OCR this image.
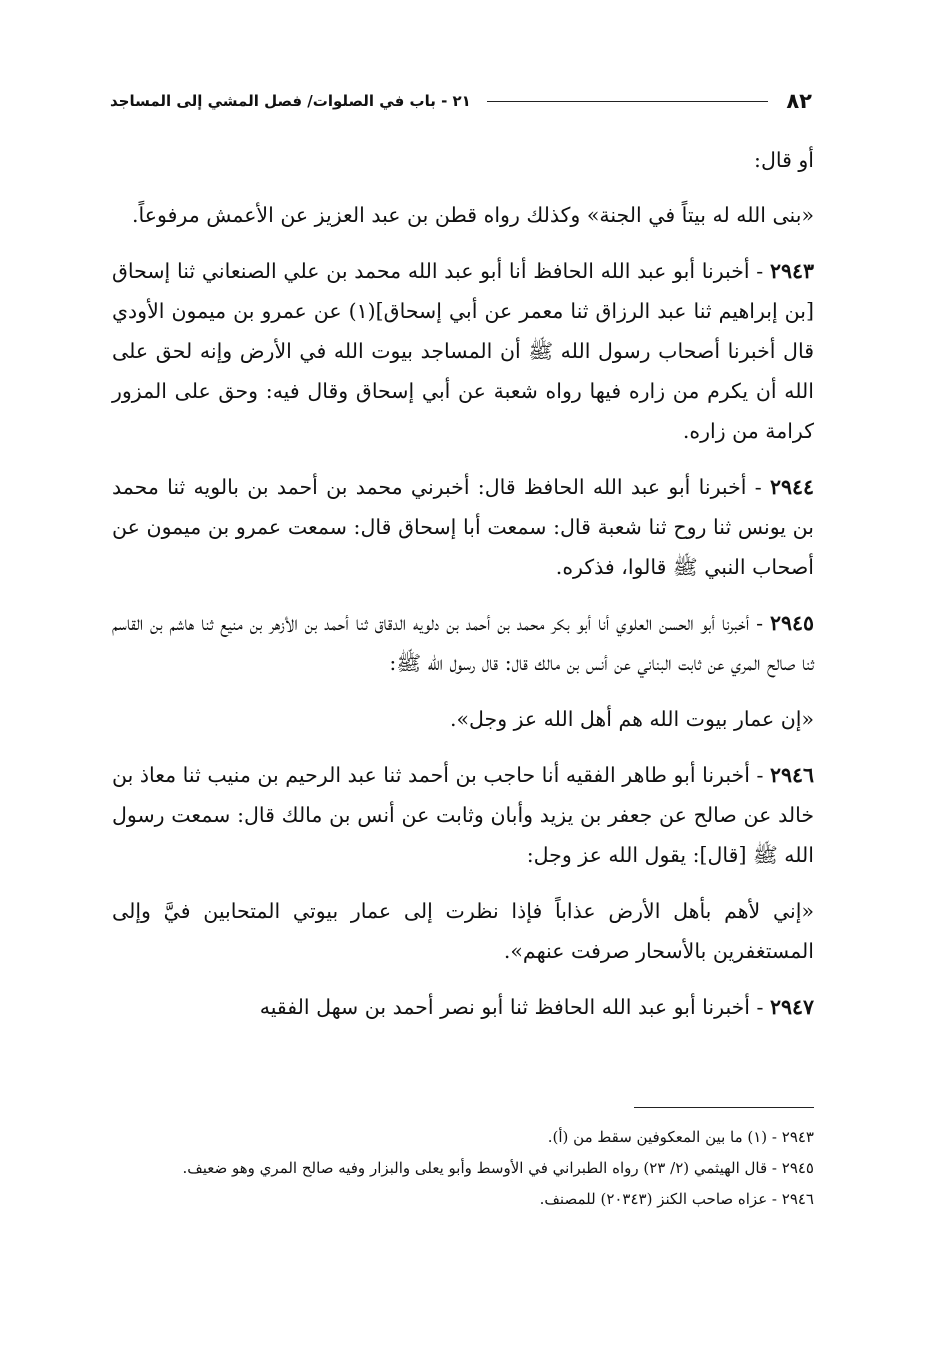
٨٢
٢١ - باب في الصلوات/ فصل المشي إلى المساجد

أو قال:

«بنى الله له بيتاً في الجنة» وكذلك رواه قطن بن عبد العزيز عن الأعمش مرفوعاً.

٢٩٤٣ - أخبرنا أبو عبد الله الحافظ أنا أبو عبد الله محمد بن علي الصنعاني ثنا إسحاق [بن إبراهيم ثنا عبد الرزاق ثنا معمر عن أبي إسحاق](١) عن عمرو بن ميمون الأودي قال أخبرنا أصحاب رسول الله ﷺ أن المساجد بيوت الله في الأرض وإنه لحق على الله أن يكرم من زاره فيها رواه شعبة عن أبي إسحاق وقال فيه: وحق على المزور كرامة من زاره.

٢٩٤٤ - أخبرنا أبو عبد الله الحافظ قال: أخبرني محمد بن أحمد بن بالويه ثنا محمد بن يونس ثنا روح ثنا شعبة قال: سمعت أبا إسحاق قال: سمعت عمرو بن ميمون عن أصحاب النبي ﷺ قالوا، فذكره.

٢٩٤٥ - أخبرنا أبو الحسن العلوي أنا أبو بكر محمد بن أحمد بن دلويه الدقاق ثنا أحمد بن الأزهر بن منيع ثنا هاشم بن القاسم ثنا صالح المري عن ثابت البناني عن أنس بن مالك قال: قال رسول الله ﷺ:

«إن عمار بيوت الله هم أهل الله عز وجل».

٢٩٤٦ - أخبرنا أبو طاهر الفقيه أنا حاجب بن أحمد ثنا عبد الرحيم بن منيب ثنا معاذ بن خالد عن صالح عن جعفر بن يزيد وأبان وثابت عن أنس بن مالك قال: سمعت رسول الله ﷺ [قال]: يقول الله عز وجل:

«إني لأهم بأهل الأرض عذاباً فإذا نظرت إلى عمار بيوتي المتحابين فيَّ وإلى المستغفرين بالأسحار صرفت عنهم».

٢٩٤٧ - أخبرنا أبو عبد الله الحافظ ثنا أبو نصر أحمد بن سهل الفقيه

٢٩٤٣ - (١) ما بين المعكوفين سقط من (أ).

٢٩٤٥ - قال الهيثمي (٢/ ٢٣) رواه الطبراني في الأوسط وأبو يعلى والبزار وفيه صالح المري وهو ضعيف.

٢٩٤٦ - عزاه صاحب الكنز (٢٠٣٤٣) للمصنف.
